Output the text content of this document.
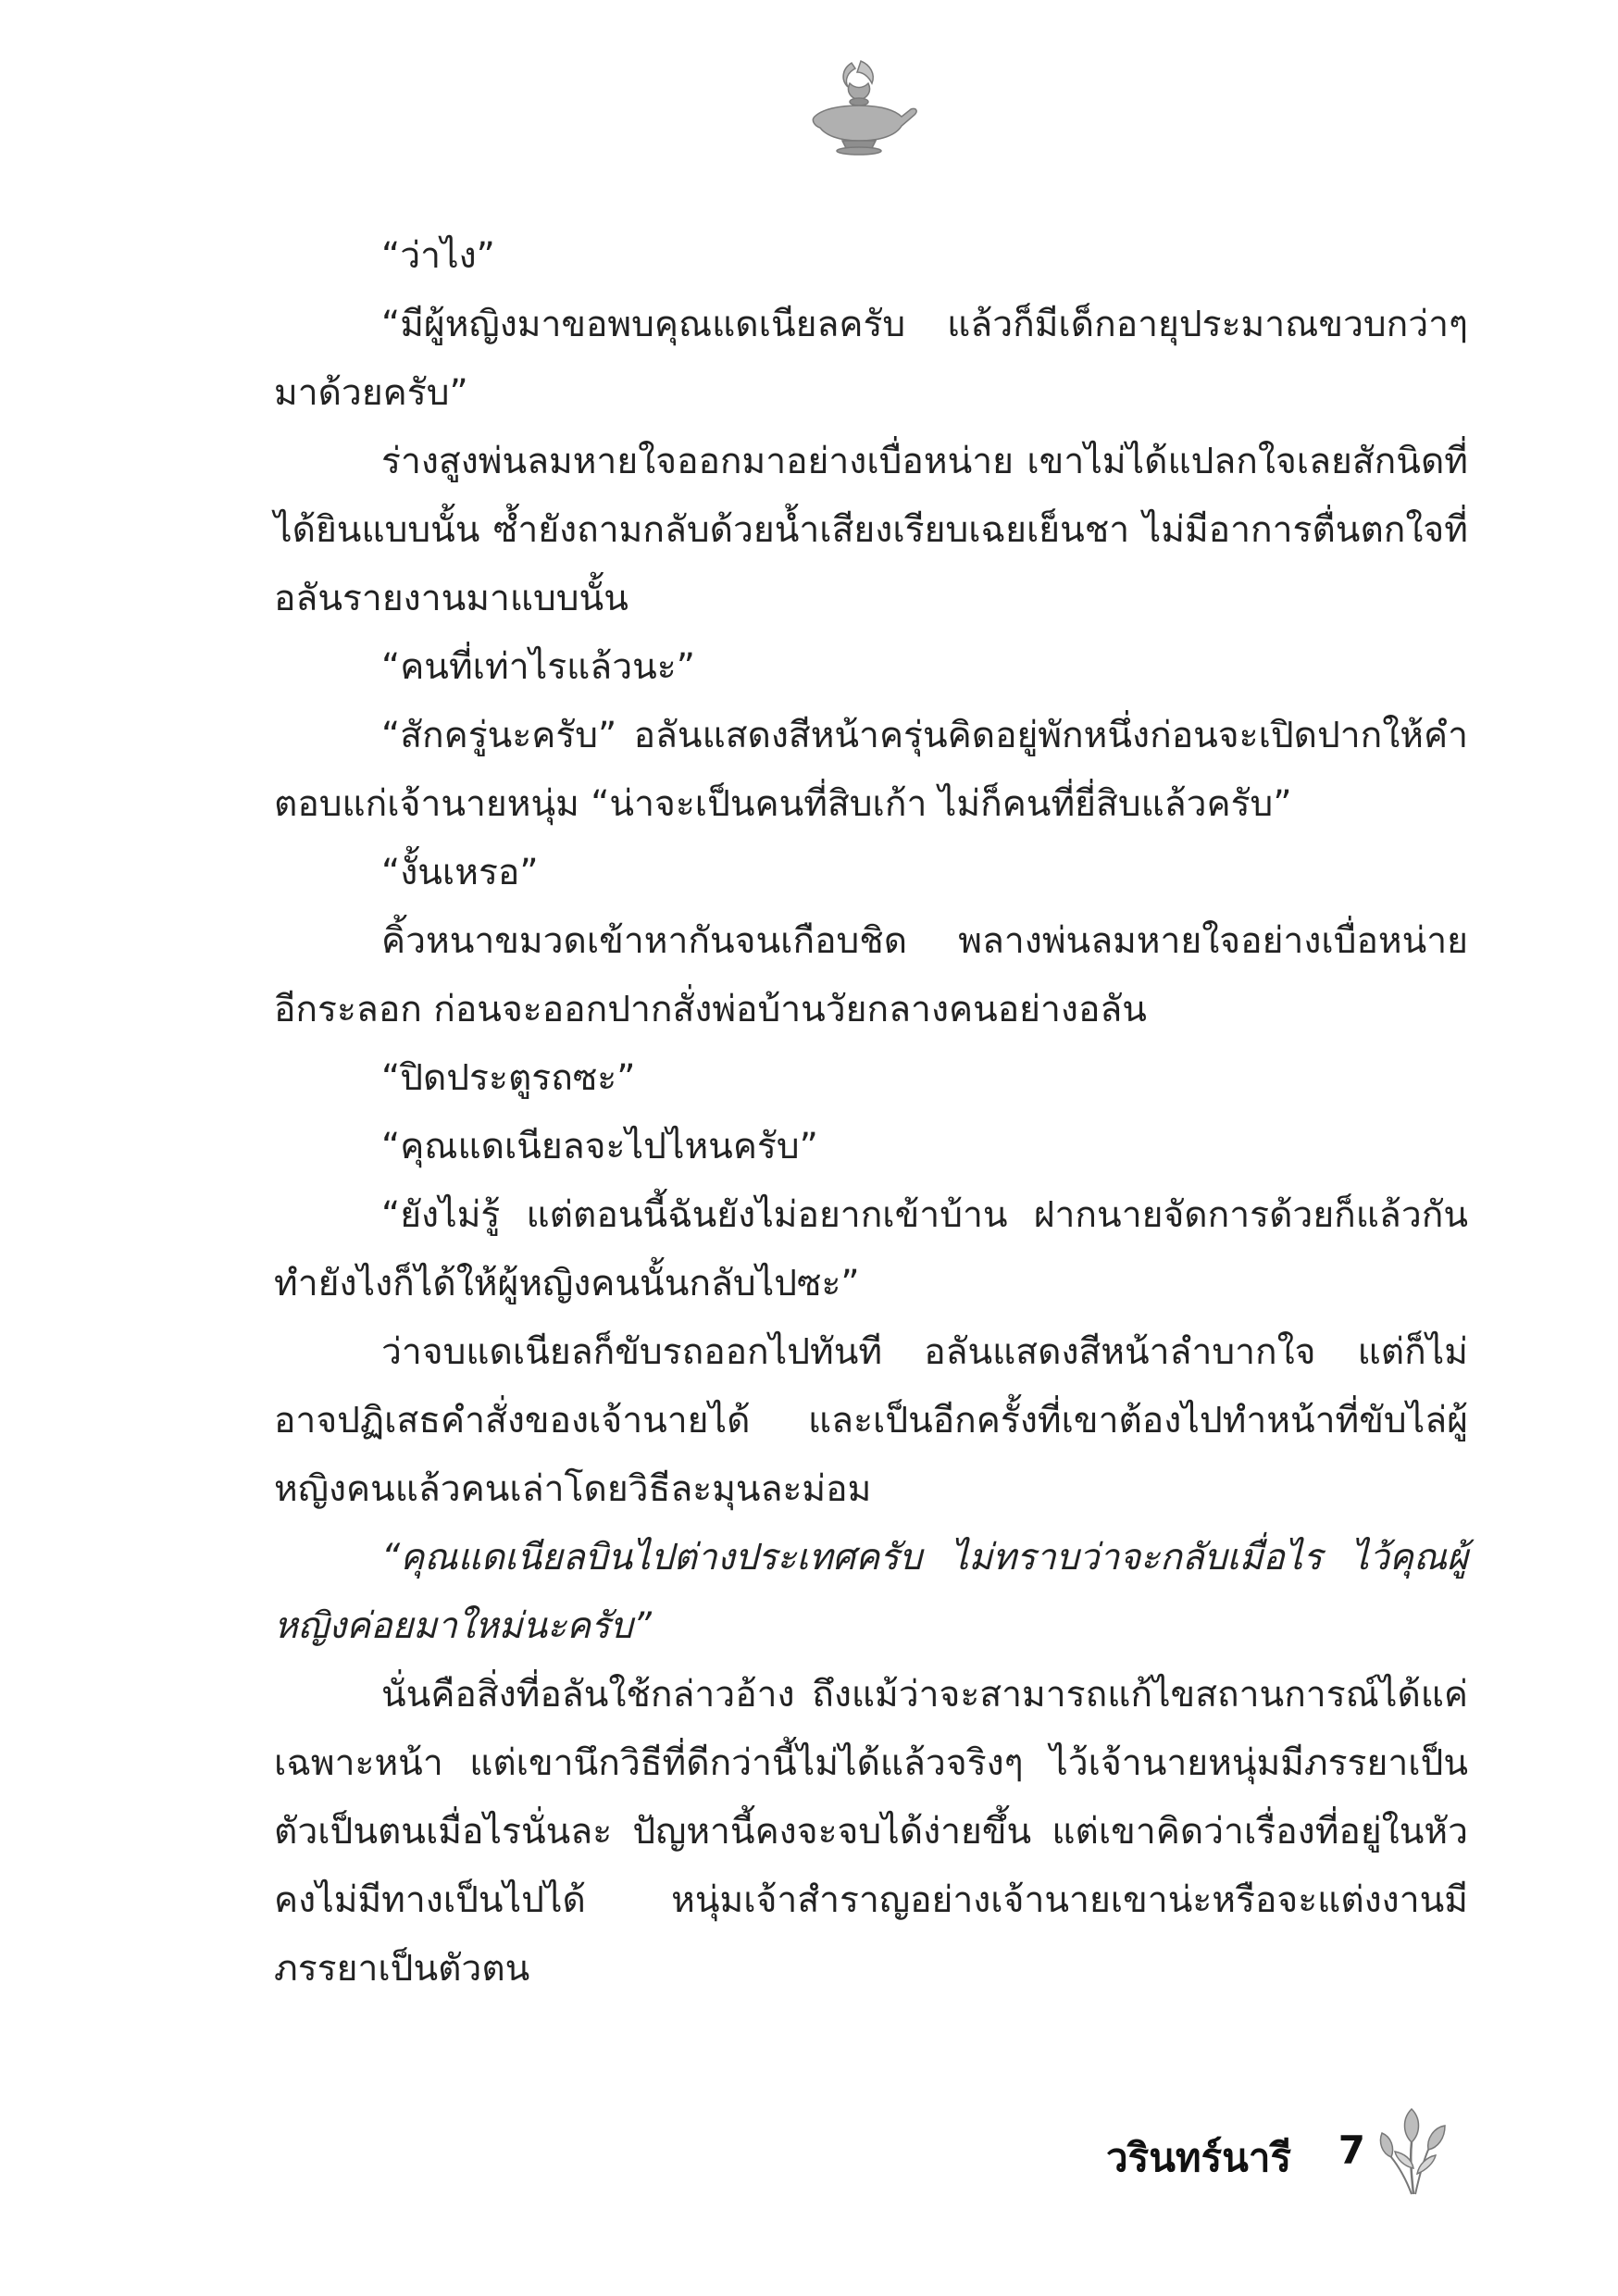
“ว่าไง”

“มีผู้หญิงมาขอพบคุณแดเนียลครับ แล้วก็มีเด็กอายุประมาณขวบกว่าๆ มาด้วยครับ”

ร่างสูงพ่นลมหายใจออกมาอย่างเบื่อหน่าย เขาไม่ได้แปลกใจเลยสักนิดที่ได้ยินแบบนั้น ซ้ำยังถามกลับด้วยน้ำเสียงเรียบเฉยเย็นชา ไม่มีอาการตื่นตกใจที่อลันรายงานมาแบบนั้น

“คนที่เท่าไรแล้วนะ”

“สักครู่นะครับ” อลันแสดงสีหน้าครุ่นคิดอยู่พักหนึ่งก่อนจะเปิดปากให้คำตอบแก่เจ้านายหนุ่ม “น่าจะเป็นคนที่สิบเก้า ไม่ก็คนที่ยี่สิบแล้วครับ”

“งั้นเหรอ”

คิ้วหนาขมวดเข้าหากันจนเกือบชิด พลางพ่นลมหายใจอย่างเบื่อหน่ายอีกระลอก ก่อนจะออกปากสั่งพ่อบ้านวัยกลางคนอย่างอลัน

“ปิดประตูรถซะ”

“คุณแดเนียลจะไปไหนครับ”

“ยังไม่รู้ แต่ตอนนี้ฉันยังไม่อยากเข้าบ้าน ฝากนายจัดการด้วยก็แล้วกัน ทำยังไงก็ได้ให้ผู้หญิงคนนั้นกลับไปซะ”

ว่าจบแดเนียลก็ขับรถออกไปทันที อลันแสดงสีหน้าลำบากใจ แต่ก็ไม่อาจปฏิเสธคำสั่งของเจ้านายได้ และเป็นอีกครั้งที่เขาต้องไปทำหน้าที่ขับไล่ผู้หญิงคนแล้วคนเล่าโดยวิธีละมุนละม่อม

“คุณแดเนียลบินไปต่างประเทศครับ ไม่ทราบว่าจะกลับเมื่อไร ไว้คุณผู้หญิงค่อยมาใหม่นะครับ”

นั่นคือสิ่งที่อลันใช้กล่าวอ้าง ถึงแม้ว่าจะสามารถแก้ไขสถานการณ์ได้แค่เฉพาะหน้า แต่เขานึกวิธีที่ดีกว่านี้ไม่ได้แล้วจริงๆ ไว้เจ้านายหนุ่มมีภรรยาเป็นตัวเป็นตนเมื่อไรนั่นละ ปัญหานี้คงจะจบได้ง่ายขึ้น แต่เขาคิดว่าเรื่องที่อยู่ในหัวคงไม่มีทางเป็นไปได้ หนุ่มเจ้าสำราญอย่างเจ้านายเขาน่ะหรือจะแต่งงานมีภรรยาเป็นตัวตน

วรินทร์นารี 7
